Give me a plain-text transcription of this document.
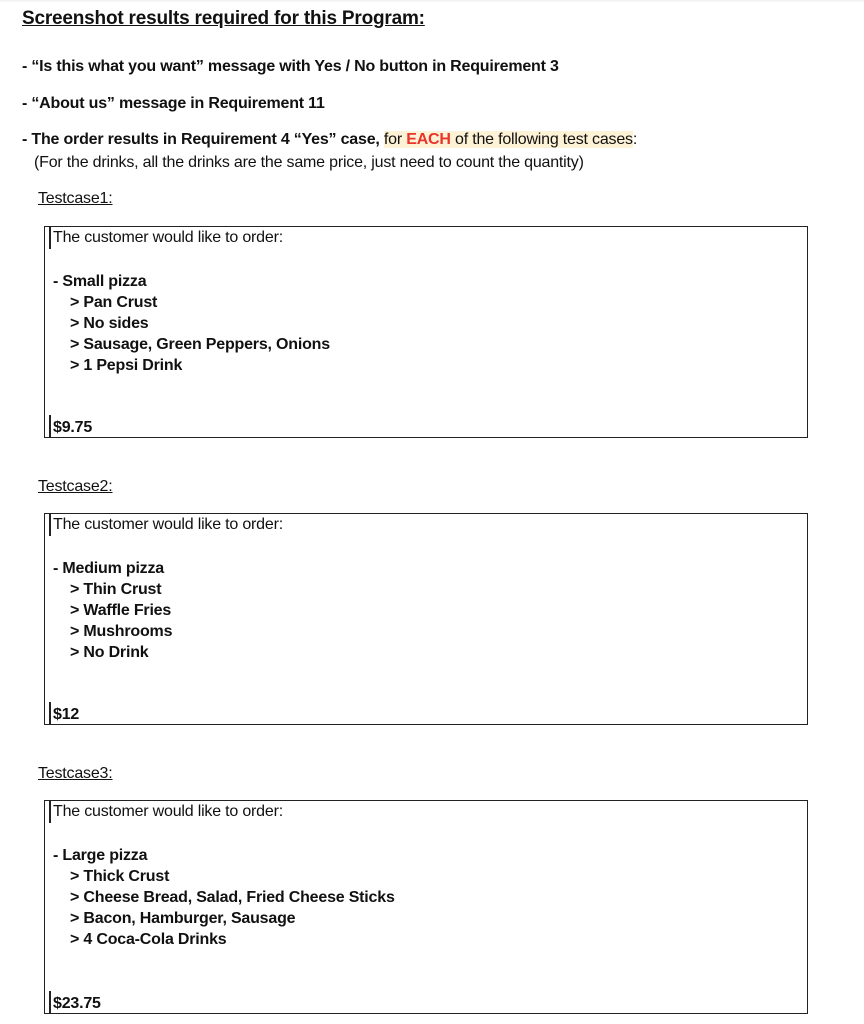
Screenshot results required for this Program:
- “Is this what you want” message with Yes / No button in Requirement 3
- “About us” message in Requirement 11
- The order results in Requirement 4 “Yes” case, for EACH of the following test cases:
(For the drinks, all the drinks are the same price, just need to count the quantity)
Testcase1:
The customer would like to order:
- Small pizza
> Pan Crust
> No sides
> Sausage, Green Peppers, Onions
> 1 Pepsi Drink
$9.75
Testcase2:
The customer would like to order:
- Medium pizza
> Thin Crust
> Waffle Fries
> Mushrooms
> No Drink
$12
Testcase3:
The customer would like to order:
- Large pizza
> Thick Crust
> Cheese Bread, Salad, Fried Cheese Sticks
> Bacon, Hamburger, Sausage
> 4 Coca-Cola Drinks
$23.75
